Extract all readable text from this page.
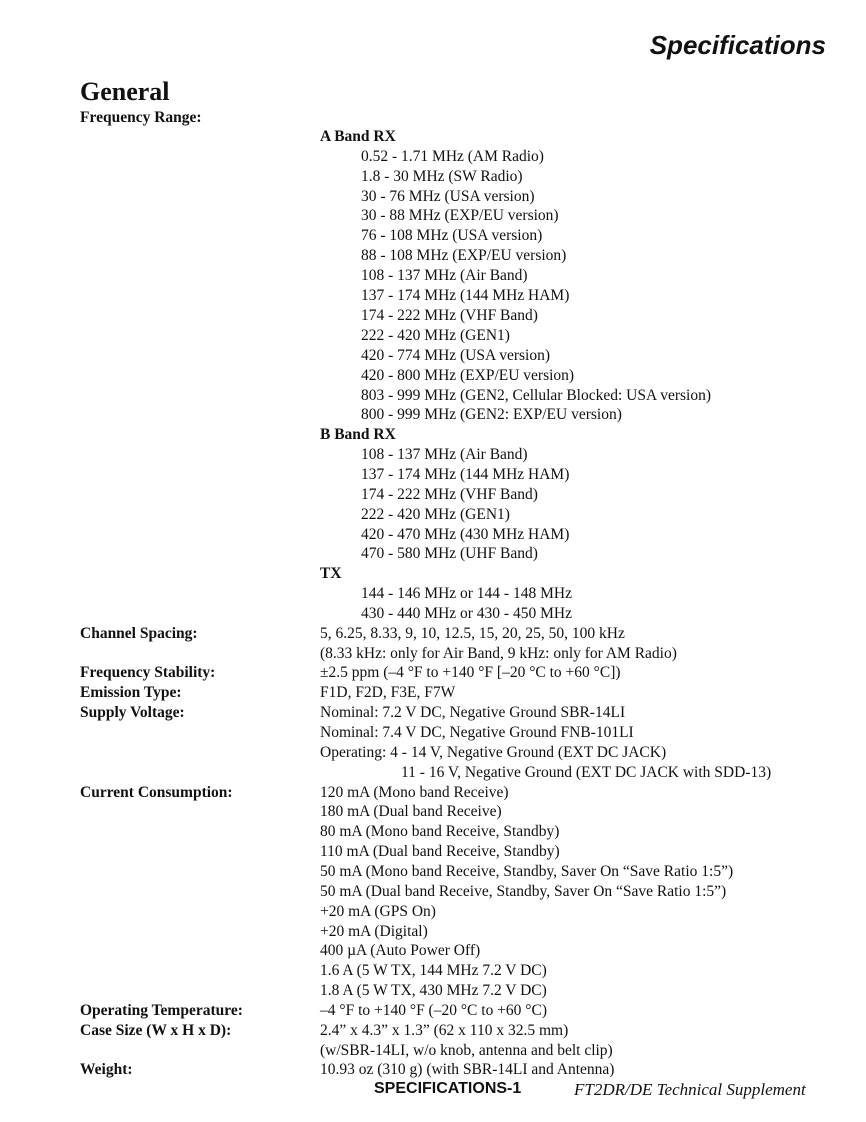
Specifications
General
Frequency Range:
A Band RX
0.52 - 1.71 MHz (AM Radio)
1.8 - 30 MHz (SW Radio)
30 - 76 MHz (USA version)
30 - 88 MHz (EXP/EU version)
76 - 108 MHz (USA version)
88 - 108 MHz (EXP/EU version)
108 - 137 MHz (Air Band)
137 - 174 MHz (144 MHz HAM)
174 - 222 MHz (VHF Band)
222 - 420 MHz (GEN1)
420 - 774 MHz (USA version)
420 - 800 MHz (EXP/EU version)
803 - 999 MHz (GEN2, Cellular Blocked: USA version)
800 - 999 MHz (GEN2: EXP/EU version)
B Band RX
108 - 137 MHz (Air Band)
137 - 174 MHz (144 MHz HAM)
174 - 222 MHz (VHF Band)
222 - 420 MHz (GEN1)
420 - 470 MHz (430 MHz HAM)
470 - 580 MHz (UHF Band)
TX
144 - 146 MHz or 144 - 148 MHz
430 - 440 MHz or 430 - 450 MHz
Channel Spacing:	5, 6.25, 8.33, 9, 10, 12.5, 15, 20, 25, 50, 100 kHz
(8.33 kHz: only for Air Band, 9 kHz: only for AM Radio)
Frequency Stability:	±2.5 ppm (–4 °F to +140 °F [–20 °C to +60 °C])
Emission Type:	F1D, F2D, F3E, F7W
Supply Voltage:	Nominal: 7.2 V DC, Negative Ground SBR-14LI
Nominal: 7.4 V DC, Negative Ground FNB-101LI
Operating: 4 - 14 V, Negative Ground (EXT DC JACK)
11 - 16 V, Negative Ground (EXT DC JACK with SDD-13)
Current Consumption:	120 mA (Mono band Receive)
180 mA (Dual band Receive)
80 mA (Mono band Receive, Standby)
110 mA (Dual band Receive, Standby)
50 mA (Mono band Receive, Standby, Saver On “Save Ratio 1:5”)
50 mA (Dual band Receive, Standby, Saver On “Save Ratio 1:5”)
+20 mA (GPS On)
+20 mA (Digital)
400 µA (Auto Power Off)
1.6 A (5 W TX, 144 MHz 7.2 V DC)
1.8 A (5 W TX, 430 MHz 7.2 V DC)
Operating Temperature:	–4 °F to +140 °F (–20 °C to +60 °C)
Case Size (W x H x D):	2.4” x 4.3” x 1.3” (62 x 110 x 32.5 mm)
(w/SBR-14LI, w/o knob, antenna and belt clip)
Weight:	10.93 oz (310 g) (with SBR-14LI and Antenna)
SPECIFICATIONS-1	FT2DR/DE Technical Supplement
